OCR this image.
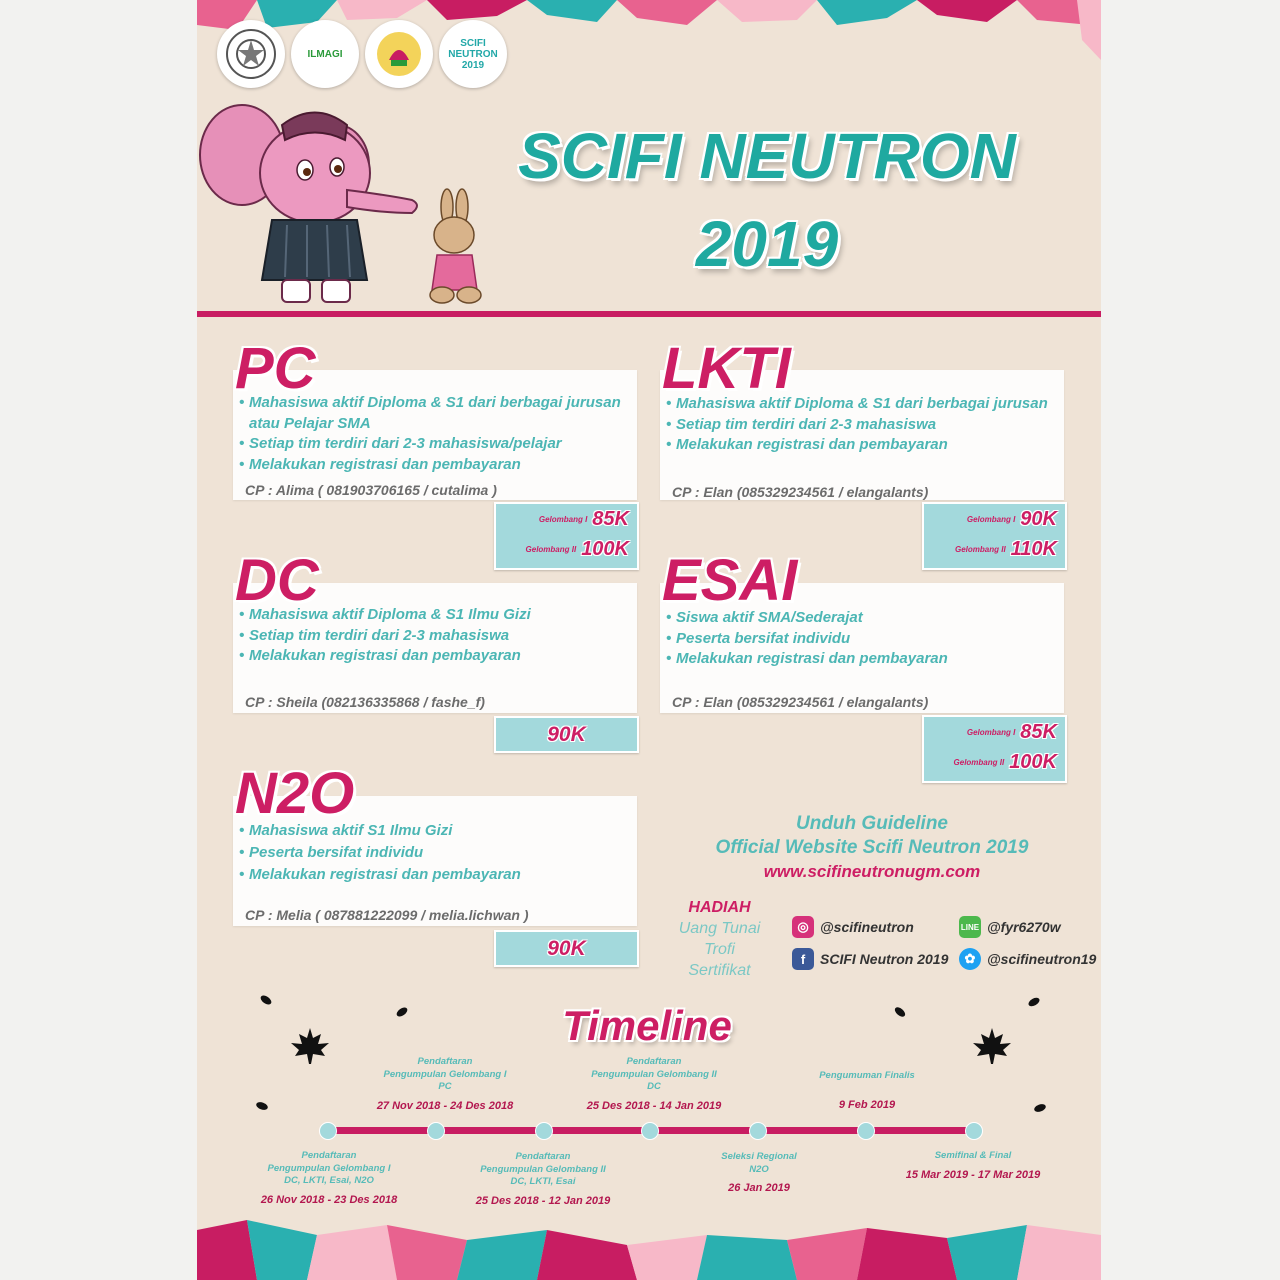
ILMAGI
SCIFI NEUTRON 2019
SCIFI NEUTRON
2019
• Mahasiswa aktif Diploma & S1 dari berbagai jurusan atau Pelajar SMA
• Setiap tim terdiri dari 2-3 mahasiswa/pelajar
• Melakukan registrasi dan pembayaran
CP : Alima ( 081903706165 / cutalima )
PC
Gelombang I 85K
Gelombang II 100K
• Mahasiswa aktif Diploma & S1 dari berbagai jurusan
• Setiap tim terdiri dari 2-3 mahasiswa
• Melakukan registrasi dan pembayaran
CP : Elan (085329234561 / elangalants)
LKTI
Gelombang I 90K
Gelombang II 110K
• Mahasiswa aktif Diploma & S1 Ilmu Gizi
• Setiap tim terdiri dari 2-3 mahasiswa
• Melakukan registrasi dan pembayaran
CP : Sheila (082136335868 / fashe_f)
DC
90K
• Siswa aktif SMA/Sederajat
• Peserta bersifat individu
• Melakukan registrasi dan pembayaran
CP : Elan (085329234561 / elangalants)
ESAI
Gelombang I 85K
Gelombang II 100K
• Mahasiswa aktif S1 Ilmu Gizi
• Peserta bersifat individu
• Melakukan registrasi dan pembayaran
CP : Melia ( 087881222099 / melia.lichwan )
N2O
90K
Unduh Guideline
Official Website Scifi Neutron 2019
www.scifineutronugm.com
HADIAH
Uang Tunai
Trofi
Sertifikat
◎ @scifineutron	LINE @fyr6270w
f	SCIFI Neutron 2019	✿ @scifineutron19
Timeline
Pendaftaran
Pengumpulan Gelombang I
PC
27 Nov 2018 - 24 Des 2018
Pendaftaran
Pengumpulan Gelombang II
DC
25 Des 2018 - 14 Jan 2019
Pengumuman Finalis
9 Feb 2019
Pendaftaran
Pengumpulan Gelombang I
DC, LKTI, Esai, N2O
26 Nov 2018 - 23 Des 2018
Pendaftaran
Pengumpulan Gelombang II
DC, LKTI, Esai
25 Des 2018 - 12 Jan 2019
Seleksi Regional
N2O
26 Jan 2019
Semifinal & Final
15 Mar 2019 - 17 Mar 2019
